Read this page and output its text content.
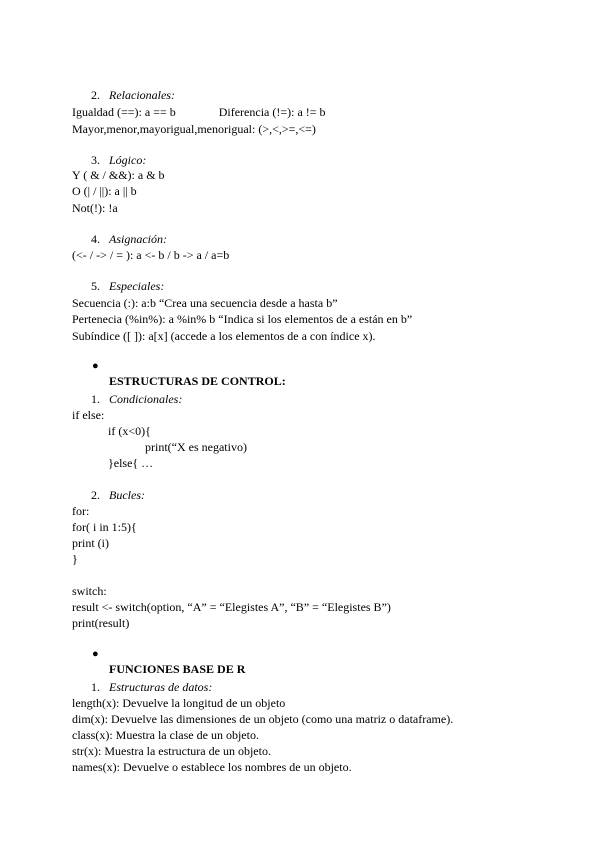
2. Relacionales:
Igualdad (==): a == b	Diferencia (!=): a != b
Mayor,menor,mayorigual,menorigual: (>,<,>=,<=)
3. Lógico:
Y ( & / &&): a & b
O (| / ||): a || b
Not(!): !a
4. Asignación:
(<- / -> / = ): a <- b / b -> a / a=b
5. Especiales:
Secuencia (:): a:b “Crea una secuencia desde a hasta b”
Pertenecia (%in%): a %in% b “Indica si los elementos de a están en b”
Subíndice ([ ]): a[x] (accede a los elementos de a con índice x).

●
ESTRUCTURAS DE CONTROL:

1. Condicionales:
if else:
if (x<0){
print(“X es negativo)
}else{ …
2. Bucles:
for:
for( i in 1:5){
print (i)
}
switch:
result <- switch(option, “A” = “Elegistes A”, “B” = “Elegistes B”)
print(result)

●
FUNCIONES BASE DE R

1. Estructuras de datos:
length(x): Devuelve la longitud de un objeto
dim(x): Devuelve las dimensiones de un objeto (como una matriz o dataframe).
class(x): Muestra la clase de un objeto.
str(x): Muestra la estructura de un objeto.
names(x): Devuelve o establece los nombres de un objeto.
